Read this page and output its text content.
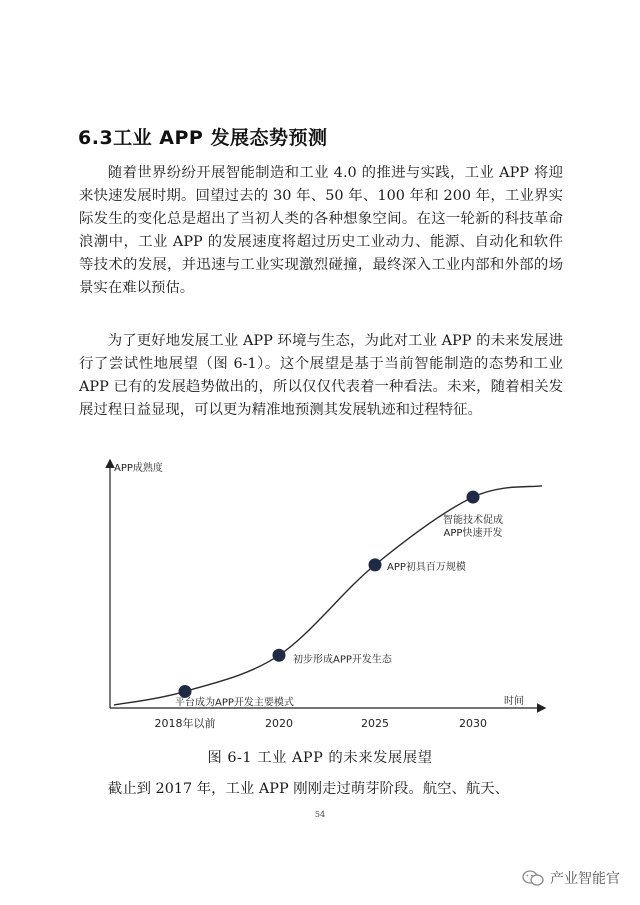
6.3工业 APP 发展态势预测

随着世界纷纷开展智能制造和工业 4.0 的推进与实践，工业 APP 将迎来快速发展时期。回望过去的 30 年、50 年、100 年和 200 年，工业界实际发生的变化总是超出了当初人类的各种想象空间。在这一轮新的科技革命浪潮中，工业 APP 的发展速度将超过历史工业动力、能源、自动化和软件等技术的发展，并迅速与工业实现激烈碰撞，最终深入工业内部和外部的场景实在难以预估。

为了更好地发展工业 APP 环境与生态，为此对工业 APP 的未来发展进行了尝试性地展望（图 6-1）。这个展望是基于当前智能制造的态势和工业 APP 已有的发展趋势做出的，所以仅仅代表着一种看法。未来，随着相关发展过程日益显现，可以更为精准地预测其发展轨迹和过程特征。

APP成熟度
时间
平台成为APP开发主要模式
初步形成APP开发生态
APP初具百万规模
智能技术促成 APP快速开发
2018年以前	2020	2025	2030
图 6-1 工业 APP 的未来发展展望

截止到 2017 年，工业 APP 刚刚走过萌芽阶段。航空、航天、

54
产业智能官
